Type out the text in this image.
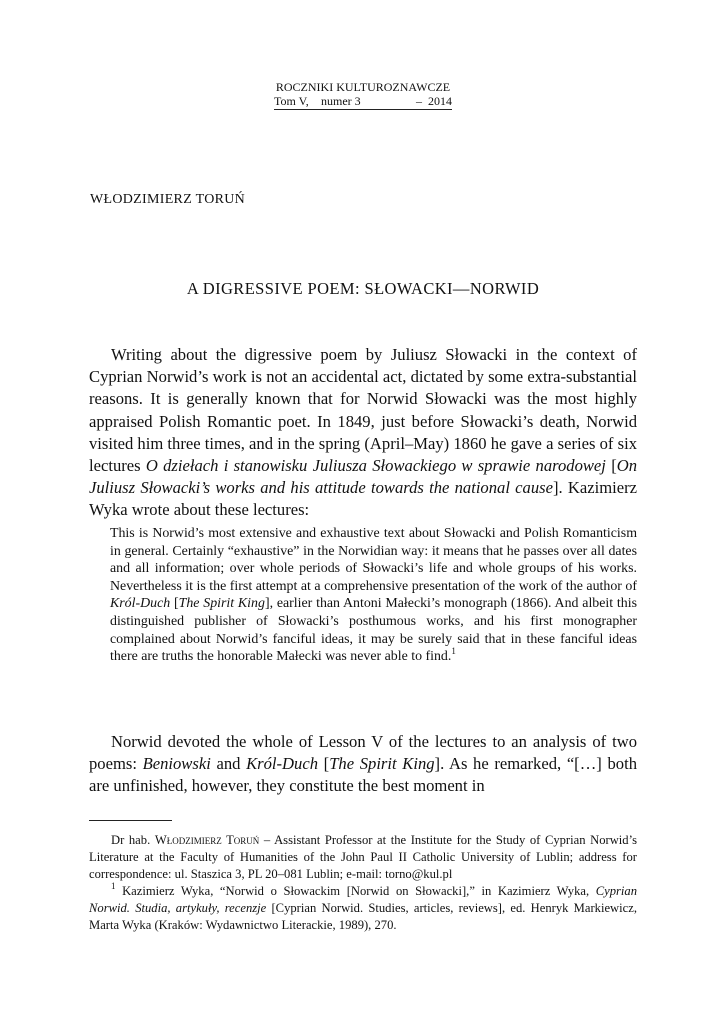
ROCZNIKI KULTUROZNAWCZE
Tom V, numer 3	– 2014
WŁODZIMIERZ TORUŃ
A DIGRESSIVE POEM: SŁOWACKI—NORWID

Writing about the digressive poem by Juliusz Słowacki in the context of Cyprian Norwid’s work is not an accidental act, dictated by some extra-substantial reasons. It is generally known that for Norwid Słowacki was the most highly appraised Polish Romantic poet. In 1849, just before Słowacki’s death, Norwid visited him three times, and in the spring (April–May) 1860 he gave a series of six lectures O dziełach i stanowisku Juliusza Słowackiego w sprawie narodowej [On Juliusz Słowacki’s works and his attitude towards the national cause]. Kazimierz Wyka wrote about these lectures:

This is Norwid’s most extensive and exhaustive text about Słowacki and Polish Romanticism in general. Certainly “exhaustive” in the Norwidian way: it means that he passes over all dates and all information; over whole periods of Słowacki’s life and whole groups of his works. Nevertheless it is the first attempt at a comprehensive presentation of the work of the author of Król-Duch [The Spirit King], earlier than Antoni Małecki’s monograph (1866). And albeit this distinguished publisher of Słowacki’s posthumous works, and his first monographer complained about Norwid’s fanciful ideas, it may be surely said that in these fanciful ideas there are truths the honorable Małecki was never able to find.$^1$

Norwid devoted the whole of Lesson V of the lectures to an analysis of two poems: Beniowski and Król-Duch [The Spirit King]. As he remarked, “[…] both are unfinished, however, they constitute the best moment in

Dr hab. Włodzimierz Toruń – Assistant Professor at the Institute for the Study of Cyprian Norwid’s Literature at the Faculty of Humanities of the John Paul II Catholic University of Lublin; address for correspondence: ul. Staszica 3, PL 20–081 Lublin; e-mail: torno@kul.pl

$^1$ Kazimierz Wyka, “Norwid o Słowackim [Norwid on Słowacki],” in Kazimierz Wyka, Cyprian Norwid. Studia, artykuły, recenzje [Cyprian Norwid. Studies, articles, reviews], ed. Henryk Markiewicz, Marta Wyka (Kraków: Wydawnictwo Literackie, 1989), 270.
